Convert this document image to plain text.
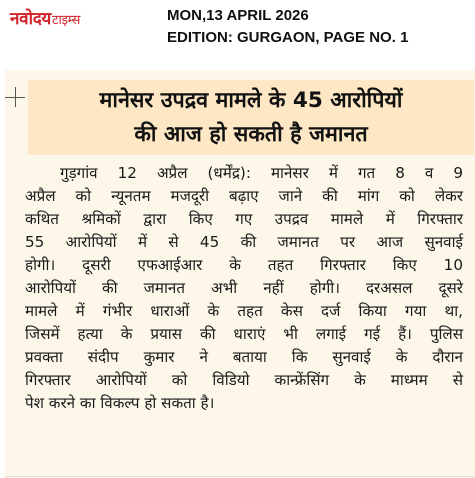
नवोदयटाइम्स	MON,13 APRIL 2026
EDITION: GURGAON, PAGE NO. 1
मानेसर उपद्रव मामले के 45 आरोपियों
की आज हो सकती है जमानत
गुड़गांव 12 अप्रैल (धर्मेंद्र): मानेसर में गत 8 व 9
अप्रैल को न्यूनतम मजदूरी बढ़ाए जाने की मांग को लेकर
कथित श्रमिकों द्वारा किए गए उपद्रव मामले में गिरफ्तार
55 आरोपियों में से 45 की जमानत पर आज सुनवाई
होगी। दूसरी एफआईआर के तहत गिरफ्तार किए 10
आरोपियों की जमानत अभी नहीं होगी। दरअसल दूसरे
मामले में गंभीर धाराओं के तहत केस दर्ज किया गया था,
जिसमें हत्या के प्रयास की धाराएं भी लगाई गई हैं। पुलिस
प्रवक्ता संदीप कुमार ने बताया कि सुनवाई के दौरान
गिरफ्तार आरोपियों को विडियो कान्फ्रेंसिंग के माध्मम से
पेश करने का विकल्प हो सकता है।
